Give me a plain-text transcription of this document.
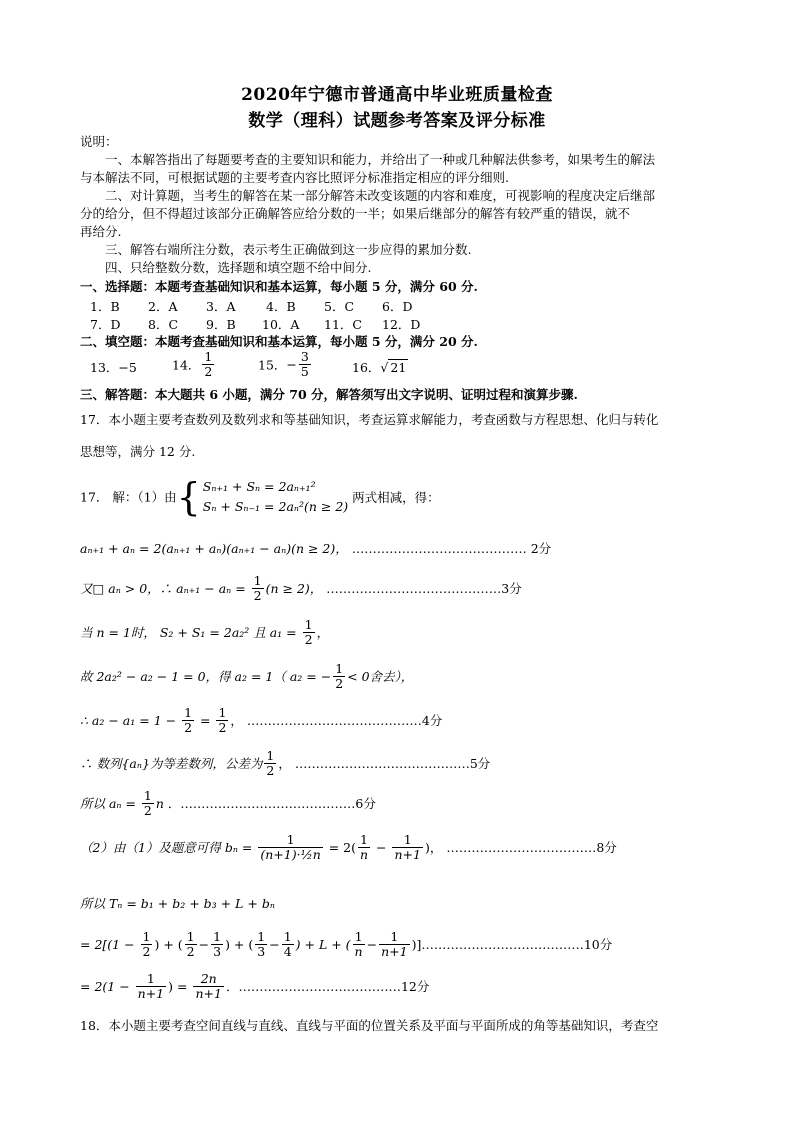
2020年宁德市普通高中毕业班质量检查
数学（理科）试题参考答案及评分标准
说明：
一、本解答指出了每题要考查的主要知识和能力，并给出了一种或几种解法供参考，如果考生的解法
与本解法不同，可根据试题的主要考查内容比照评分标准指定相应的评分细则.
二、对计算题，当考生的解答在某一部分解答未改变该题的内容和难度，可视影响的程度决定后继部
分的给分，但不得超过该部分正确解答应给分数的一半；如果后继部分的解答有较严重的错误，就不
再给分.
三、解答右端所注分数，表示考生正确做到这一步应得的累加分数.
四、只给整数分数，选择题和填空题不给中间分.
一、选择题：本题考查基础知识和基本运算，每小题 5 分，满分 60 分.
1．B 2．A 3．A 4．B 5．C 6．D
7．D 8．C 9．B 10．A 11．C 12．D
二、填空题：本题考查基础知识和基本运算，每小题 5 分，满分 20 分.
13．−5	14． $\frac{1}{2}$	15．− $\frac{3}{5}$	16．√ 21
三、解答题：本大题共 6 小题，满分 70 分，解答须写出文字说明、证明过程和演算步骤.
17．本小题主要考查数列及数列求和等基础知识，考查运算求解能力，考查函数与方程思想、化归与转化
思想等，满分 12 分.
17． 解：（1）由{ Sₙ₊₁ + Sₙ = 2aₙ₊₁²
Sₙ + Sₙ₋₁ = 2aₙ²(n ≥ 2)
两式相减，得：
aₙ₊₁ + aₙ = 2(aₙ₊₁ + aₙ)(aₙ₊₁ − aₙ)(n ≥ 2)， …………………………………… 2分
又□ aₙ > 0，∴ $a_{n+1} - a_n = \frac{1}{2} (n \ge 2)$， ……………………………………3分
当 n = 1时， S₂ + S₁ = 2a₂² 且 $a_1 = \frac{1}{2}$ ，
故 2a₂² − a₂ − 1 = 0，得 a₂ = 1（ a₂ = − $\frac{1}{2} < 0$舍去），
∴ $a_2 - a_1 = 1 - \frac{1}{2} = \frac{1}{2}$ ， ……………………………………4分
∴ 数列{aₙ}为等差数列，公差为 $\frac{1}{2}$ ， ……………………………………5分
所以 $a_n = \frac{1}{2}$ n ．……………………………………6分
（2）由（1）及题意可得 $b_n = \frac{1}{\text{(n+1)·½n}} = 2( \frac{1}{n} - \frac{1}{n+1}$ )， ………………………………8分
所以 Tₙ = b₁ + b₂ + b₃ + L + bₙ
= $2[(1 - \frac{1}{2}$ ) + ( $\frac{1}{2} - \frac{1}{3}$ ) + ( $\frac{1}{3} - \frac{1}{4}$ ) + L + ( $\frac{1}{n} - \frac{1}{n+1}$ )]…………………………………10分
= $2(1 - \frac{1}{n+1}$ ) = $\frac{2n}{n+1}$ ．…………………………………12分
18．本小题主要考查空间直线与直线、直线与平面的位置关系及平面与平面所成的角等基础知识，考查空
